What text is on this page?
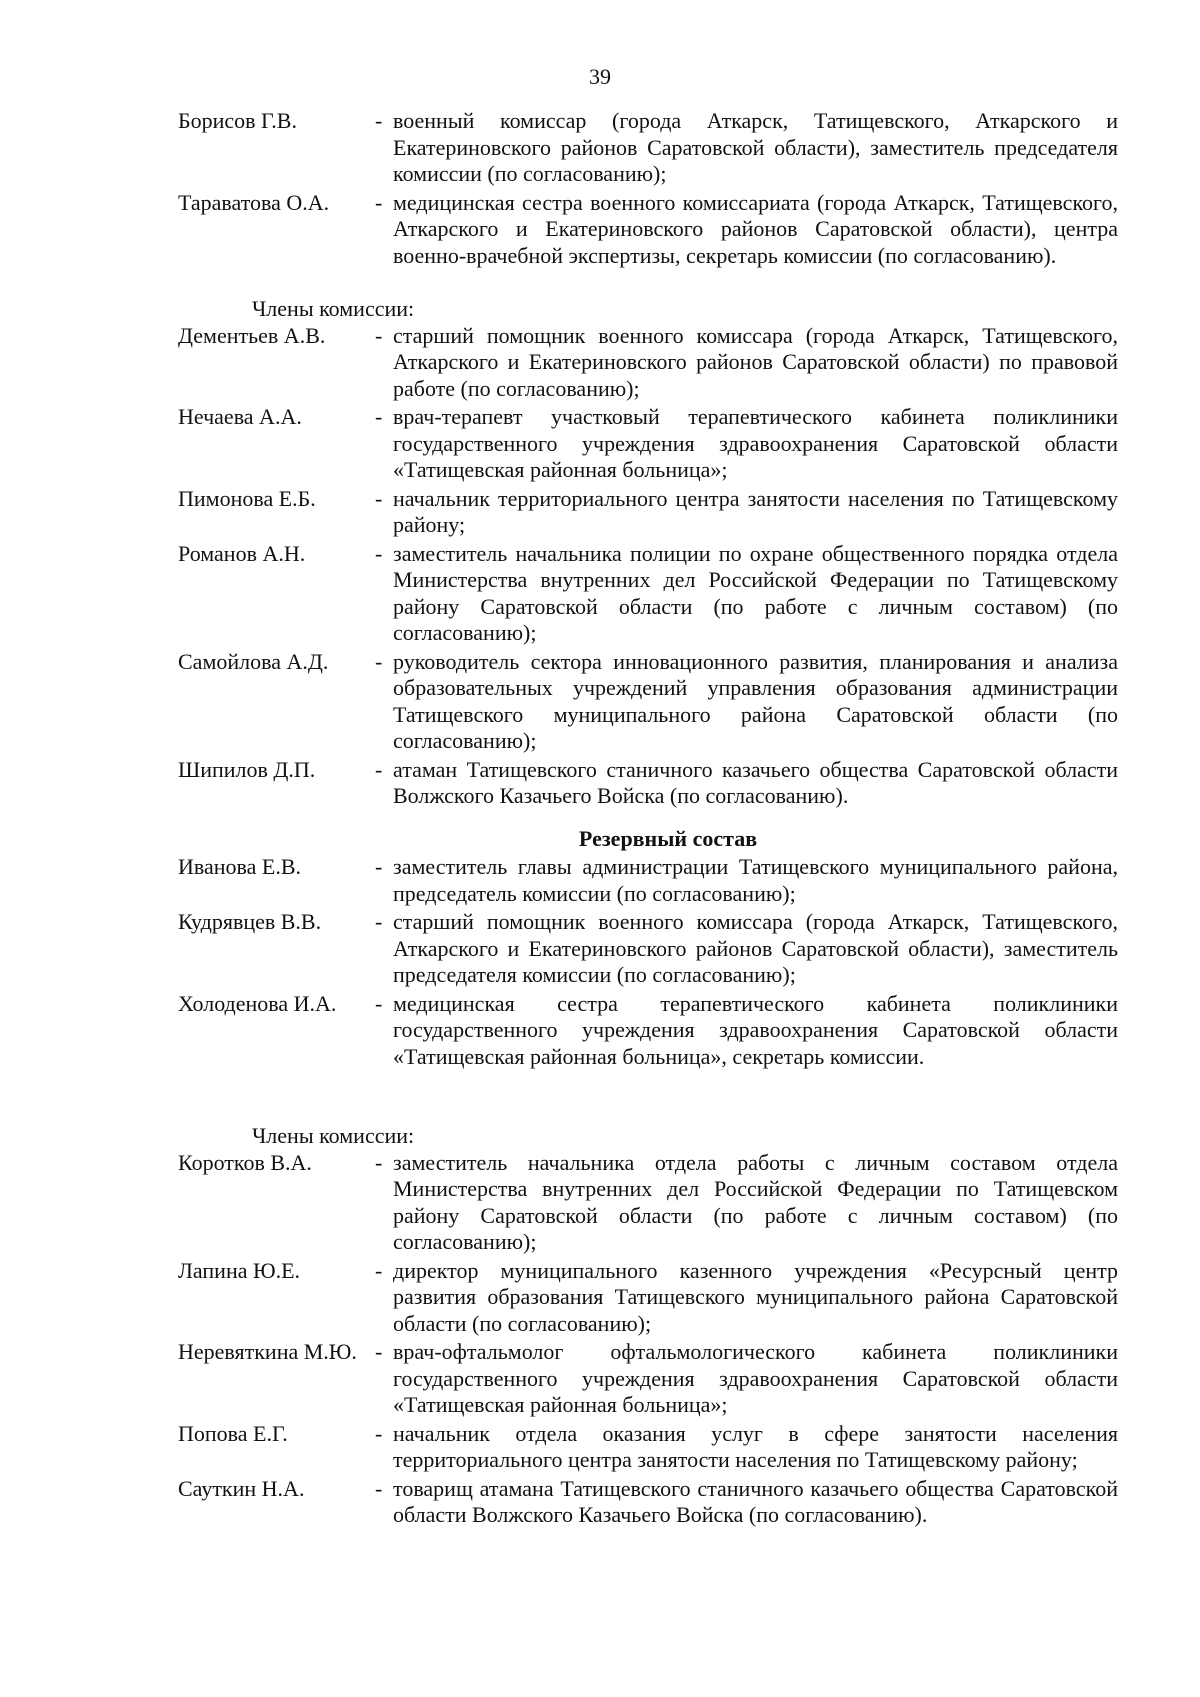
39
Борисов Г.В.	- военный комиссар (города Аткарск, Татищевского, Аткарского и Екатериновского районов Саратовской области), заместитель председателя комиссии (по согласованию);
Тараватова О.А.	- медицинская сестра военного комиссариата (города Аткарск, Татищевского, Аткарского и Екатериновского районов Саратовской области), центра военно-врачебной экспертизы, секретарь комиссии (по согласованию).
Члены комиссии:
Дементьев А.В.	- старший помощник военного комиссара (города Аткарск, Татищевского, Аткарского и Екатериновского районов Саратовской области) по правовой работе (по согласованию);
Нечаева А.А.	- врач-терапевт участковый терапевтического кабинета поликлиники государственного учреждения здравоохранения Саратовской области «Татищевская районная больница»;
Пимонова Е.Б.	- начальник территориального центра занятости населения по Татищевскому району;
Романов А.Н.	- заместитель начальника полиции по охране общественного порядка отдела Министерства внутренних дел Российской Федерации по Татищевскому району Саратовской области (по работе с личным составом) (по согласованию);
Самойлова А.Д.	- руководитель сектора инновационного развития, планирования и анализа образовательных учреждений управления образования администрации Татищевского муниципального района Саратовской области (по согласованию);
Шипилов Д.П.	- атаман Татищевского станичного казачьего общества Саратовской области Волжского Казачьего Войска (по согласованию).
Резервный состав
Иванова Е.В.	- заместитель главы администрации Татищевского муниципального района, председатель комиссии (по согласованию);
Кудрявцев В.В.	- старший помощник военного комиссара (города Аткарск, Татищевского, Аткарского и Екатериновского районов Саратовской области), заместитель председателя комиссии (по согласованию);
Холоденова И.А.	- медицинская сестра терапевтического кабинета поликлиники государственного учреждения здравоохранения Саратовской области «Татищевская районная больница», секретарь комиссии.
Члены комиссии:
Коротков В.А.	- заместитель начальника отдела работы с личным составом отдела Министерства внутренних дел Российской Федерации по Татищевском району Саратовской области (по работе с личным составом) (по согласованию);
Лапина Ю.Е.	- директор муниципального казенного учреждения «Ресурсный центр развития образования Татищевского муниципального района Саратовской области (по согласованию);
Неревяткина М.Ю. - врач-офтальмолог офтальмологического кабинета поликлиники государственного учреждения здравоохранения Саратовской области «Татищевская районная больница»;
Попова Е.Г.	- начальник отдела оказания услуг в сфере занятости населения территориального центра занятости населения по Татищевскому району;
Сауткин Н.А.	- товарищ атамана Татищевского станичного казачьего общества Саратовской области Волжского Казачьего Войска (по согласованию).
